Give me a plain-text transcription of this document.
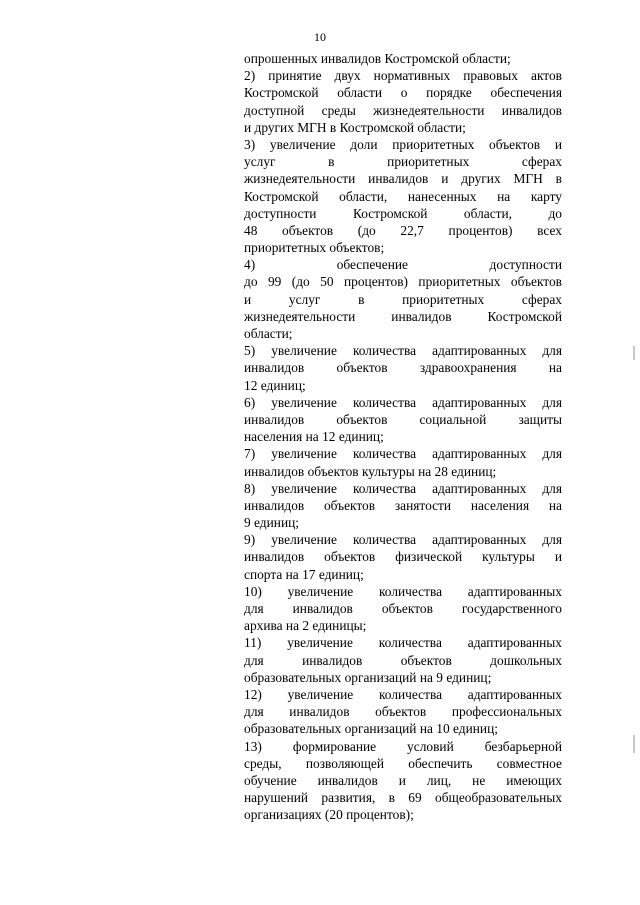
10
опрошенных инвалидов Костромской области;
2) принятие двух нормативных правовых актов
Костромской области о порядке обеспечения
доступной среды жизнедеятельности инвалидов
и других МГН в Костромской области;
3) увеличение доли приоритетных объектов и
услуг в приоритетных сферах
жизнедеятельности инвалидов и других МГН в
Костромской области, нанесенных на карту
доступности Костромской области, до
48 объектов (до 22,7 процентов) всех
приоритетных объектов;
4) обеспечение доступности
до 99 (до 50 процентов) приоритетных объектов
и услуг в приоритетных сферах
жизнедеятельности инвалидов Костромской
области;
5) увеличение количества адаптированных для
инвалидов объектов здравоохранения на
12 единиц;
6) увеличение количества адаптированных для
инвалидов объектов социальной защиты
населения на 12 единиц;
7) увеличение количества адаптированных для
инвалидов объектов культуры на 28 единиц;
8) увеличение количества адаптированных для
инвалидов объектов занятости населения на
9 единиц;
9) увеличение количества адаптированных для
инвалидов объектов физической культуры и
спорта на 17 единиц;
10) увеличение количества адаптированных
для инвалидов объектов государственного
архива на 2 единицы;
11) увеличение количества адаптированных
для инвалидов объектов дошкольных
образовательных организаций на 9 единиц;
12) увеличение количества адаптированных
для инвалидов объектов профессиональных
образовательных организаций на 10 единиц;
13) формирование условий безбарьерной
среды, позволяющей обеспечить совместное
обучение инвалидов и лиц, не имеющих
нарушений развития, в 69 общеобразовательных
организациях (20 процентов);
